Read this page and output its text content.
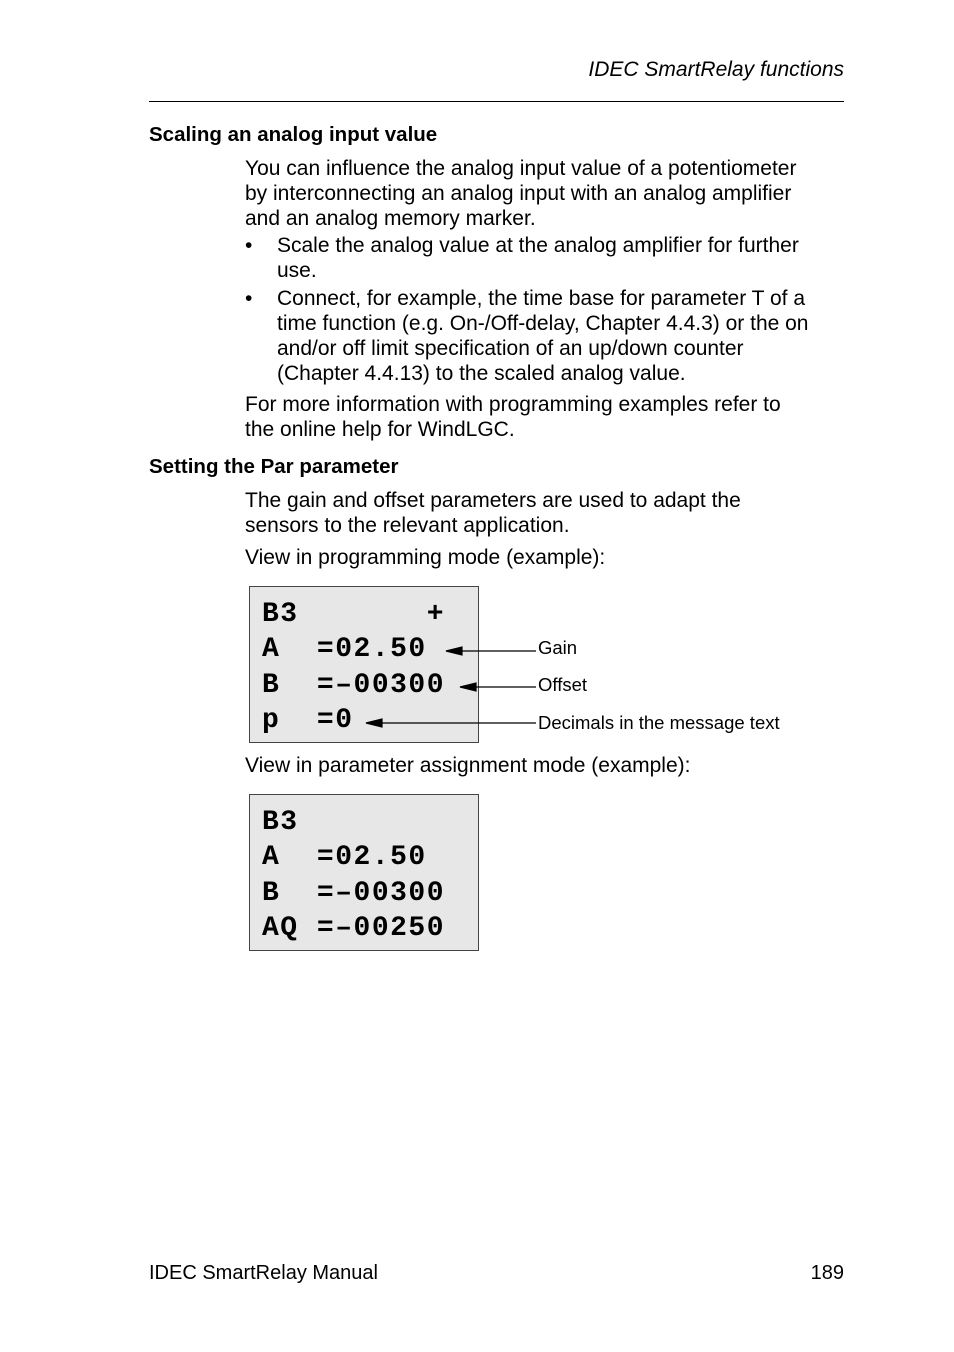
IDEC SmartRelay functions
Scaling an analog input value
You can influence the analog input value of a potentiometer
by interconnecting an analog input with an analog amplifier
and an analog memory marker.
• Scale the analog value at the analog amplifier for further
use.
• Connect, for example, the time base for parameter T of a
time function (e.g. On-/Off-delay, Chapter 4.4.3) or the on
and/or off limit specification of an up/down counter
(Chapter 4.4.13) to the scaled analog value.
For more information with programming examples refer to
the online help for WindLGC.
Setting the Par parameter
The gain and offset parameters are used to adapt the
sensors to the relevant application.
View in programming mode (example):
B3       +
A  =02.50
B  =–00300
p  =0
Gain
Offset
Decimals in the message text
View in parameter assignment mode (example):
B3
A  =02.50
B  =–00300
AQ =–00250
IDEC SmartRelay Manual	189
